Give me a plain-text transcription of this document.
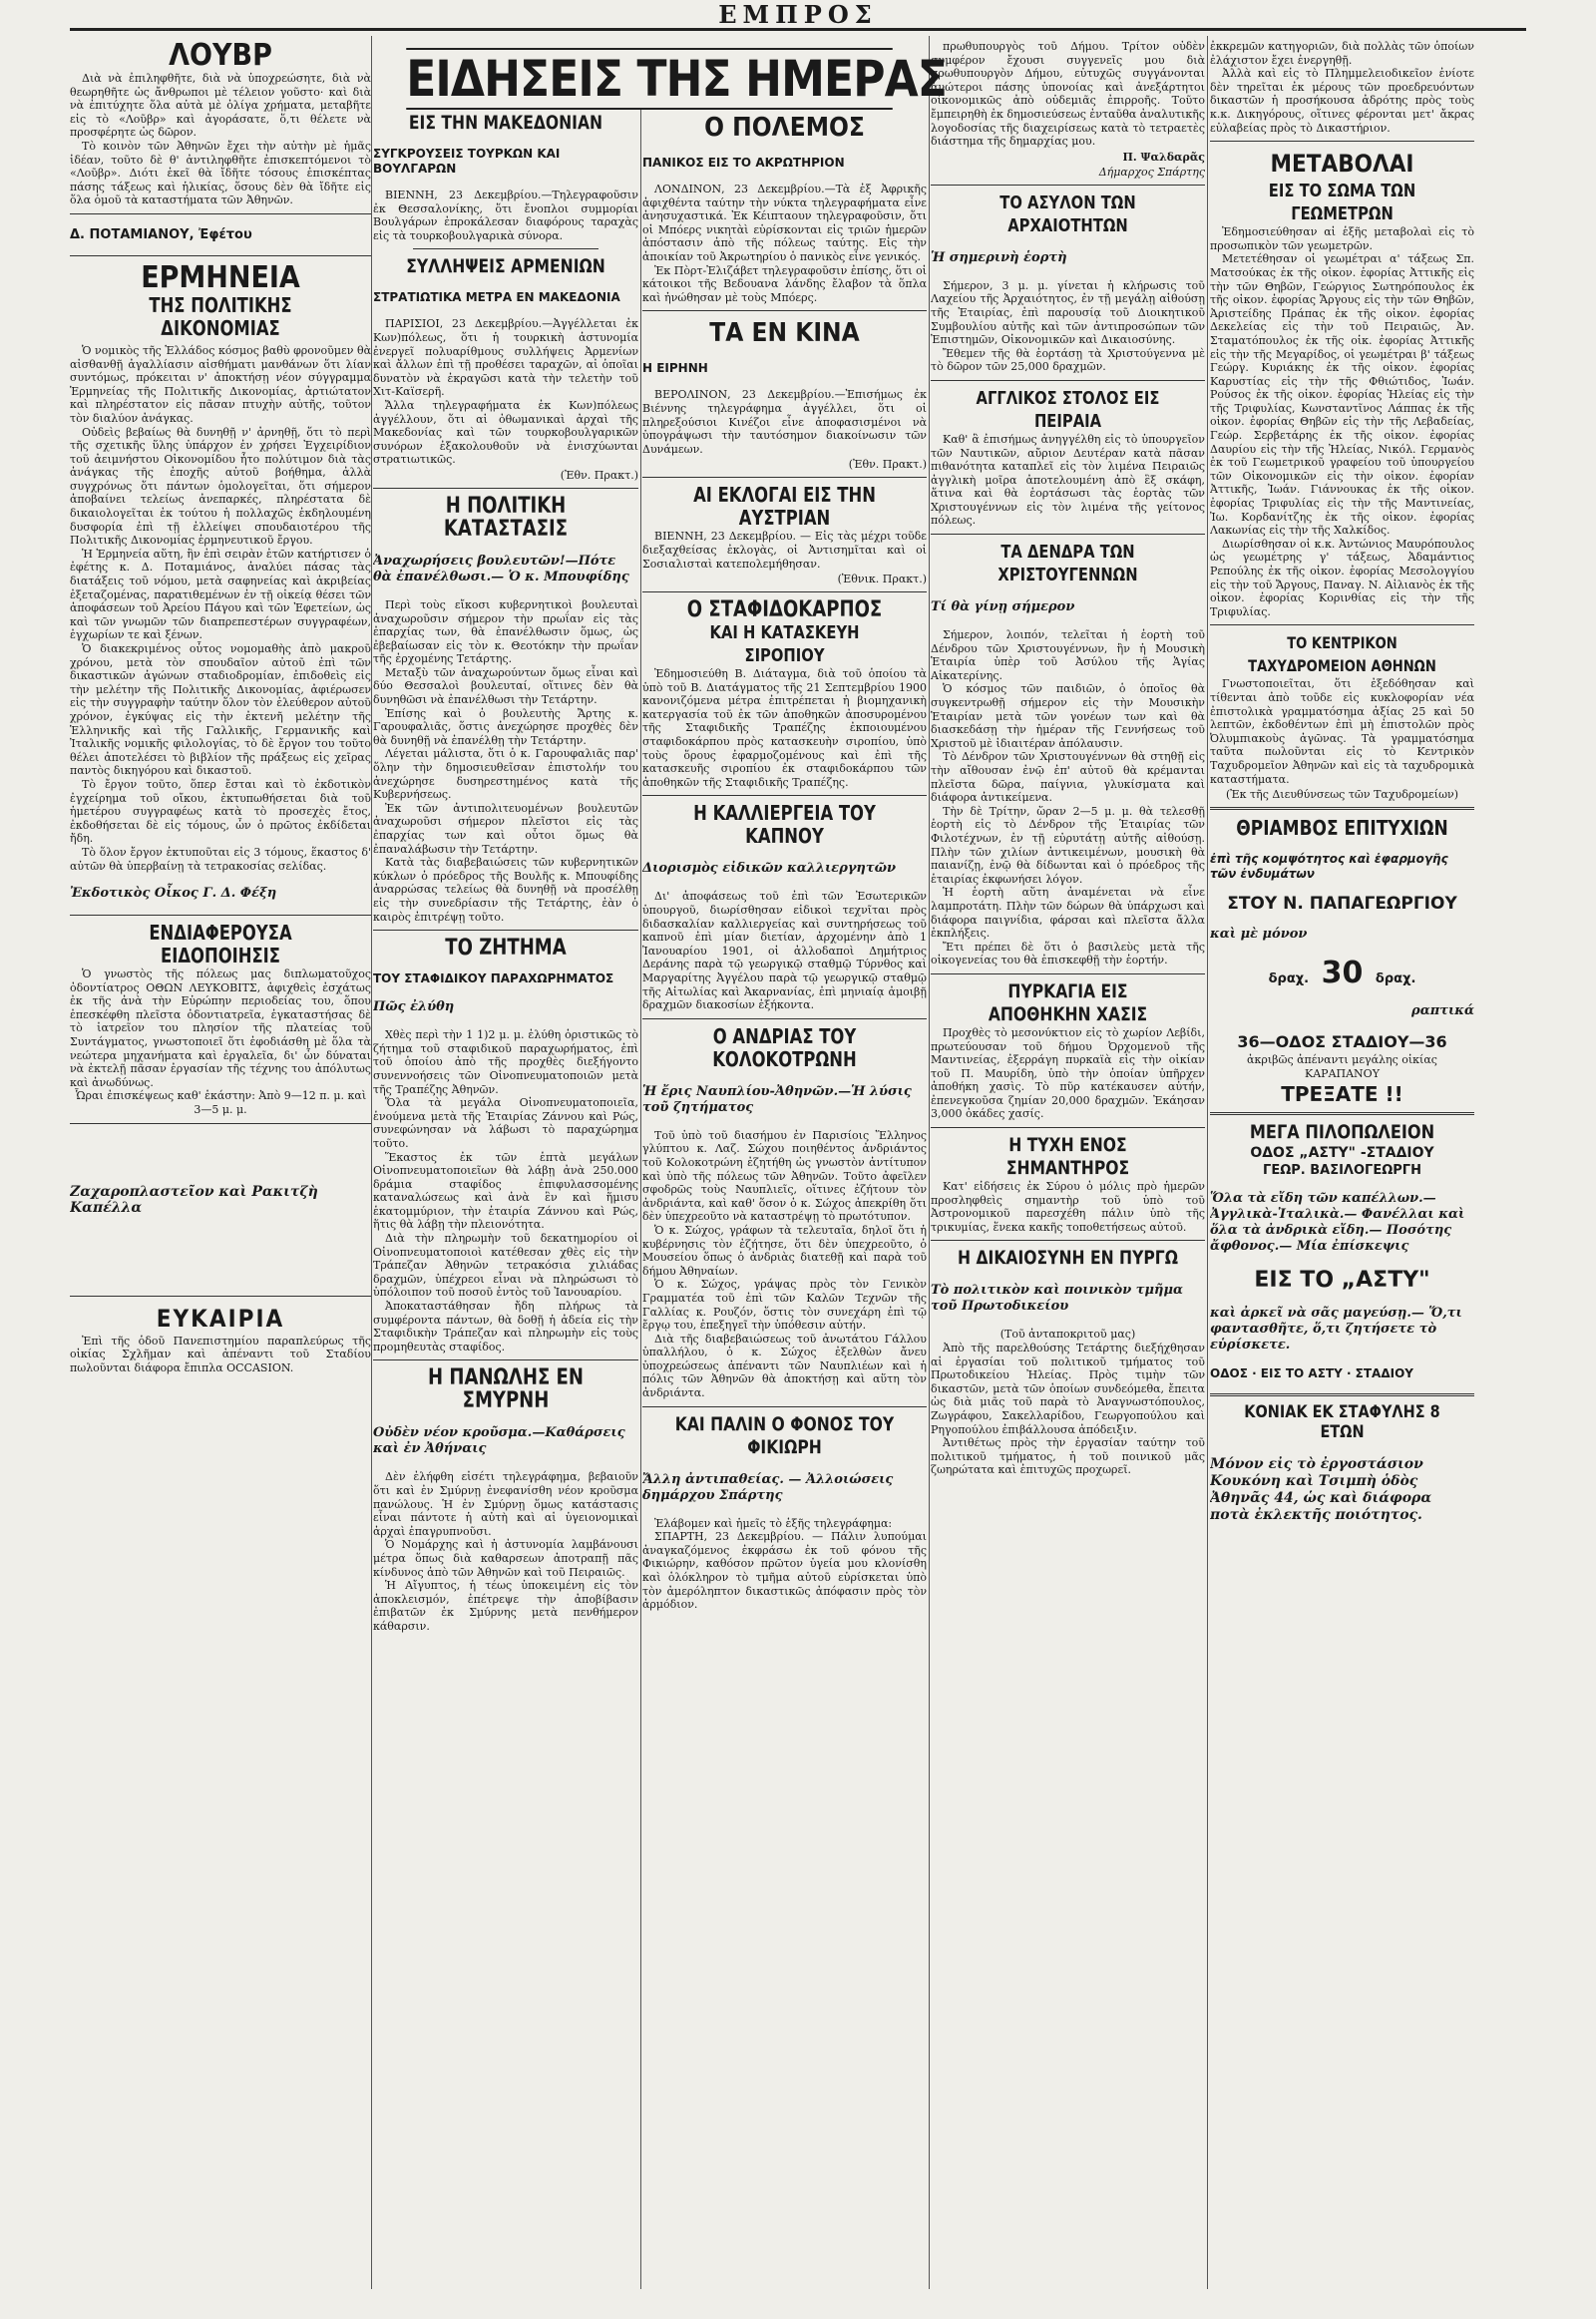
ΕΜΠΡΟΣ
ΕΙΔΗΣΕΙΣ ΤΗΣ ΗΜΕΡΑΣ
ΛΟΥΒΡ

Διὰ νὰ ἐπιληφθῆτε, διὰ νὰ ὑποχρεώσητε, διὰ νὰ θεωρηθῆτε ὡς ἄνθρωποι μὲ τέλειον γοῦστο· καὶ διὰ νὰ ἐπιτύχητε ὅλα αὐτὰ μὲ ὀλίγα χρήματα, μεταβῆτε εἰς τὸ «Λοῦβρ» καὶ ἀγοράσατε, ὅ,τι θέλετε νὰ προσφέρητε ὡς δῶρον.

Τὸ κοινὸν τῶν Ἀθηνῶν ἔχει τὴν αὐτὴν μὲ ἡμᾶς ἰδέαν, τοῦτο δὲ θ' ἀντιληφθῆτε ἐπισκεπτόμενοι τὸ «Λοῦβρ». Διότι ἐκεῖ θὰ ἴδῆτε τόσους ἐπισκέπτας πάσης τάξεως καὶ ἡλικίας, ὅσους δὲν θὰ ἴδῆτε εἰς ὅλα ὁμοῦ τὰ καταστήματα τῶν Ἀθηνῶν.

Δ. ΠΟΤΑΜΙΑΝΟΥ, Ἐφέτου

ΕΡΜΗΝΕΙΑ
ΤΗΣ ΠΟΛΙΤΙΚΗΣ ΔΙΚΟΝΟΜΙΑΣ

Ὁ νομικὸς τῆς Ἑλλάδος κόσμος βαθὺ φρονοῦμεν θὰ αἰσθανθῇ ἀγαλλίασιν αἰσθήματι μανθάνων ὅτι λίαν συντόμως, πρόκειται ν' ἀποκτήσῃ νέον σύγγραμμα Ἑρμηνείας τῆς Πολιτικῆς Δικονομίας, ἀρτιώτατον καὶ πληρέστατον εἰς πᾶσαν πτυχὴν αὐτῆς, τοῦτον τὸν διαλύον ἀνάγκας.

Οὐδεὶς βεβαίως θὰ δυνηθῇ ν' ἀρνηθῇ, ὅτι τὸ περὶ τῆς σχετικῆς ὕλης ὑπάρχον ἐν χρήσει Ἐγχειρίδιον τοῦ ἀειμνήστου Οἰκονομίδου ἦτο πολύτιμον διὰ τὰς ἀνάγκας τῆς ἐποχῆς αὐτοῦ βοήθημα, ἀλλὰ συγχρόνως ὅτι πάντων ὁμολογεῖται, ὅτι σήμερον ἀποβαίνει τελείως ἀνεπαρκές, πληρέστατα δὲ δικαιολογεῖται ἐκ τούτου ἡ πολλαχῶς ἐκδηλουμένη δυσφορία ἐπὶ τῇ ἐλλείψει σπουδαιοτέρου τῆς Πολιτικῆς Δικονομίας ἑρμηνευτικοῦ ἔργου.

Ἡ Ἑρμηνεία αὕτη, ἣν ἐπὶ σειρὰν ἐτῶν κατήρτισεν ὁ ἐφέτης κ. Δ. Ποταμιάνος, ἀναλύει πάσας τὰς διατάξεις τοῦ νόμου, μετὰ σαφηνείας καὶ ἀκριβείας ἐξεταζομένας, παρατιθεμένων ἐν τῇ οἰκείᾳ θέσει τῶν ἀποφάσεων τοῦ Ἀρείου Πάγου καὶ τῶν Ἐφετείων, ὡς καὶ τῶν γνωμῶν τῶν διαπρεπεστέρων συγγραφέων, ἐγχωρίων τε καὶ ξένων.

Ὁ διακεκριμένος οὗτος νομομαθὴς ἀπὸ μακροῦ χρόνου, μετὰ τὸν σπουδαῖον αὐτοῦ ἐπὶ τῶν δικαστικῶν ἀγώνων σταδιοδρομίαν, ἐπιδοθεὶς εἰς τὴν μελέτην τῆς Πολιτικῆς Δικονομίας, ἀφιέρωσεν εἰς τὴν συγγραφὴν ταύτην ὅλον τὸν ἐλεύθερον αὐτοῦ χρόνον, ἐγκύψας εἰς τὴν ἐκτενῆ μελέτην τῆς Ἑλληνικῆς καὶ τῆς Γαλλικῆς, Γερμανικῆς καὶ Ἰταλικῆς νομικῆς φιλολογίας, τὸ δὲ ἔργον του τοῦτο θέλει ἀποτελέσει τὸ βιβλίον τῆς πράξεως εἰς χεῖρας παντὸς δικηγόρου καὶ δικαστοῦ.

Τὸ ἔργον τοῦτο, ὅπερ ἔσται καὶ τὸ ἐκδοτικὸν ἐγχείρημα τοῦ οἴκου, ἐκτυπωθήσεται διὰ τοῦ ἡμετέρου συγγραφέως κατὰ τὸ προσεχὲς ἔτος, ἐκδοθήσεται δὲ εἰς τόμους, ὧν ὁ πρῶτος ἐκδίδεται ἤδη.

Τὸ ὅλον ἔργον ἐκτυποῦται εἰς 3 τόμους, ἕκαστος δ' αὐτῶν θὰ ὑπερβαίνῃ τὰ τετρακοσίας σελίδας.

Ἐκδοτικὸς Οἶκος Γ. Δ. Φέξη

ΕΝΔΙΑΦΕΡΟΥΣΑ ΕΙΔΟΠΟΙΗΣΙΣ

Ὁ γνωστὸς τῆς πόλεως μας διπλωματοῦχος ὀδοντίατρος ΟΘΩΝ ΛΕΥΚΟΒΙΤΣ, ἀφιχθεὶς ἐσχάτως ἐκ τῆς ἀνὰ τὴν Εὐρώπην περιοδείας του, ὅπου ἐπεσκέφθη πλεῖστα ὀδοντιατρεῖα, ἐγκαταστήσας δὲ τὸ ἰατρεῖον του πλησίον τῆς πλατείας τοῦ Συντάγματος, γνωστοποιεῖ ὅτι ἐφοδιάσθη μὲ ὅλα τὰ νεώτερα μηχανήματα καὶ ἐργαλεῖα, δι' ὧν δύναται νὰ ἐκτελῇ πᾶσαν ἐργασίαν τῆς τέχνης του ἀπόλυτως καὶ ἀνωδύνως.

Ὧραι ἐπισκέψεως καθ' ἑκάστην: Ἀπὸ 9—12 π. μ. καὶ 3—5 μ. μ.

Ζαχαροπλαστεῖον καὶ Ρακιτζὴ Καπέλλα

ΕΥΚΑΙΡΙΑ

Ἐπὶ τῆς ὁδοῦ Πανεπιστημίου παραπλεύρως τῆς οἰκίας Σχλῆμαν καὶ ἀπέναντι τοῦ Σταδίου πωλοῦνται διάφορα ἔπιπλα OCCASION.

ΕΙΣ ΤΗΝ ΜΑΚΕΔΟΝΙΑΝ

ΣΥΓΚΡΟΥΣΕΙΣ ΤΟΥΡΚΩΝ ΚΑΙ ΒΟΥΛΓΑΡΩΝ

ΒΙΕΝΝΗ, 23 Δεκεμβρίου.—Τηλεγραφοῦσιν ἐκ Θεσσαλονίκης, ὅτι ἔνοπλοι συμμορίαι Βουλγάρων ἐπροκάλεσαν διαφόρους ταραχὰς εἰς τὰ τουρκοβουλγαρικὰ σύνορα.

ΣΥΛΛΗΨΕΙΣ ΑΡΜΕΝΙΩΝ

ΣΤΡΑΤΙΩΤΙΚΑ ΜΕΤΡΑ ΕΝ ΜΑΚΕΔΟΝΙΑ

ΠΑΡΙΣΙΟΙ, 23 Δεκεμβρίου.—Ἀγγέλλεται ἐκ Κων)πόλεως, ὅτι ἡ τουρκικὴ ἀστυνομία ἐνεργεῖ πολυαρίθμους συλλήψεις Ἀρμενίων καὶ ἄλλων ἐπὶ τῇ προθέσει ταραχῶν, αἱ ὁποῖαι δυνατὸν νὰ ἐκραγῶσι κατὰ τὴν τελετὴν τοῦ Χιτ-Καϊσερῆ.

Ἄλλα τηλεγραφήματα ἐκ Κων)πόλεως ἀγγέλλουν, ὅτι αἱ ὀθωμανικαὶ ἀρχαὶ τῆς Μακεδονίας καὶ τῶν τουρκοβουλγαρικῶν συνόρων ἐξακολουθοῦν νὰ ἐνισχύωνται στρατιωτικῶς.

(Ἐθν. Πρακτ.)

Η ΠΟΛΙΤΙΚΗ ΚΑΤΑΣΤΑΣΙΣ

Ἀναχωρήσεις βουλευτῶν!—Πότε θὰ ἐπανέλθωσι.— Ὁ κ. Μπουφίδης

Περὶ τοὺς εἴκοσι κυβερνητικοὶ βουλευταὶ ἀναχωροῦσιν σήμερον τὴν πρωΐαν εἰς τὰς ἐπαρχίας των, θὰ ἐπανέλθωσιν ὅμως, ὡς ἐβεβαίωσαν εἰς τὸν κ. Θεοτόκην τὴν πρωΐαν τῆς ἐρχομένης Τετάρτης.

Μεταξὺ τῶν ἀναχωρούντων ὅμως εἶναι καὶ δύο Θεσσαλοὶ βουλευταί, οἵτινες δὲν θὰ δυνηθῶσι νὰ ἐπανέλθωσι τὴν Τετάρτην.

Ἐπίσης καὶ ὁ βουλευτὴς Ἄρτης κ. Γαρουφαλιᾶς, ὅστις ἀνεχώρησε προχθὲς δὲν θὰ δυνηθῇ νὰ ἐπανέλθῃ τὴν Τετάρτην.

Λέγεται μάλιστα, ὅτι ὁ κ. Γαρουφαλιᾶς παρ' ὅλην τὴν δημοσιευθεῖσαν ἐπιστολήν του ἀνεχώρησε δυσηρεστημένος κατὰ τῆς Κυβερνήσεως.

Ἐκ τῶν ἀντιπολιτευομένων βουλευτῶν ἀναχωροῦσι σήμερον πλεῖστοι εἰς τὰς ἐπαρχίας των καὶ οὗτοι ὅμως θὰ ἐπαναλάβωσιν τὴν Τετάρτην.

Κατὰ τὰς διαβεβαιώσεις τῶν κυβερνητικῶν κύκλων ὁ πρόεδρος τῆς Βουλῆς κ. Μπουφίδης ἀναρρώσας τελείως θὰ δυνηθῇ νὰ προσέλθῃ εἰς τὴν συνεδρίασιν τῆς Τετάρτης, ἐὰν ὁ καιρὸς ἐπιτρέψῃ τοῦτο.

ΤΟ ΖΗΤΗΜΑ

ΤΟΥ ΣΤΑΦΙΔΙΚΟΥ ΠΑΡΑΧΩΡΗΜΑΤΟΣ

Πῶς ἐλύθη

Χθὲς περὶ τὴν 1 1)2 μ. μ. ἐλύθη ὁριστικῶς τὸ ζήτημα τοῦ σταφιδικοῦ παραχωρήματος, ἐπὶ τοῦ ὁποίου ἀπὸ τῆς προχθὲς διεξήγοντο συνεννοήσεις τῶν Οἰνοπνευματοποιῶν μετὰ τῆς Τραπέζης Ἀθηνῶν.

Ὅλα τὰ μεγάλα Οἰνοπνευματοποιεῖα, ἑνούμενα μετὰ τῆς Ἑταιρίας Ζάννου καὶ Ρώς, συνεφώνησαν νὰ λάβωσι τὸ παραχώρημα τοῦτο.

Ἕκαστος ἐκ τῶν ἑπτὰ μεγάλων Οἰνοπνευματοποιεῖων θὰ λάβῃ ἀνὰ 250.000 δράμια σταφίδος ἐπιφυλασσομένης καταναλώσεως καὶ ἀνὰ ἓν καὶ ἥμισυ ἑκατομμύριον, τὴν ἑταιρία Ζάννου καὶ Ρώς, ἥτις θὰ λάβῃ τὴν πλειονότητα.

Διὰ τὴν πληρωμὴν τοῦ δεκατημορίου οἱ Οἰνοπνευματοποιοὶ κατέθεσαν χθὲς εἰς τὴν Τράπεζαν Ἀθηνῶν τετρακόσια χιλιάδας δραχμῶν, ὑπέχρεοι εἶναι νὰ πληρώσωσι τὸ ὑπόλοιπον τοῦ ποσοῦ ἐντὸς τοῦ Ἰανουαρίου.

Ἀποκαταστάθησαν ἤδη πλήρως τὰ συμφέροντα πάντων, θὰ δοθῇ ἡ ἀδεία εἰς τὴν Σταφιδικὴν Τράπεζαν καὶ πληρωμὴν εἰς τοὺς προμηθευτὰς σταφίδος.

Η ΠΑΝΩΛΗΣ ΕΝ ΣΜΥΡΝΗ

Οὐδὲν νέον κροῦσμα.—Καθάρσεις καὶ ἐν Ἀθήναις

Δὲν ἐλήφθη εἰσέτι τηλεγράφημα, βεβαιοῦν ὅτι καὶ ἐν Σμύρνῃ ἐνεφανίσθη νέον κροῦσμα πανώλους. Ἡ ἐν Σμύρνῃ ὅμως κατάστασις εἶναι πάντοτε ἡ αὐτὴ καὶ αἱ ὑγειονομικαὶ ἀρχαὶ ἐπαγρυπνοῦσι.

Ὁ Νομάρχης καὶ ἡ ἀστυνομία λαμβάνουσι μέτρα ὅπως διὰ καθαρσεων ἀποτραπῇ πᾶς κίνδυνος ἀπὸ τῶν Ἀθηνῶν καὶ τοῦ Πειραιῶς.

Ἡ Αἴγυπτος, ἡ τέως ὑποκειμένη εἰς τὸν ἀποκλεισμόν, ἐπέτρεψε τὴν ἀποβίβασιν ἐπιβατῶν ἐκ Σμύρνης μετὰ πενθήμερον κάθαρσιν.

Ο ΠΟΛΕΜΟΣ

ΠΑΝΙΚΟΣ ΕΙΣ ΤΟ ΑΚΡΩΤΗΡΙΟΝ

ΛΟΝΔΙΝΟΝ, 23 Δεκεμβρίου.—Τὰ ἐξ Ἀφρικῆς ἀφιχθέντα ταύτην τὴν νύκτα τηλεγραφήματα εἶνε ἀνησυχαστικά. Ἐκ Κέιπταουν τηλεγραφοῦσιν, ὅτι οἱ Μπόερς νικητὰὶ εὑρίσκονται εἰς τριῶν ἡμερῶν ἀπόστασιν ἀπὸ τῆς πόλεως ταύτης. Εἰς τὴν ἀποικίαν τοῦ Ἀκρωτηρίου ὁ πανικὸς εἶνε γενικός.

Ἐκ Πὸρτ-Ἐλιζάβετ τηλεγραφοῦσιν ἐπίσης, ὅτι οἱ κάτοικοι τῆς Βεδουανα λάνδης ἔλαβον τὰ ὅπλα καὶ ἠνώθησαν μὲ τοὺς Μπόερς.

ΤΑ ΕΝ ΚΙΝΑ

Η ΕΙΡΗΝΗ

ΒΕΡΟΛΙΝΟΝ, 23 Δεκεμβρίου.—Ἐπισήμως ἐκ Βιέννης τηλεγράφημα ἀγγέλλει, ὅτι οἱ πληρεξούσιοι Κινέζοι εἶνε ἀποφασισμένοι νὰ ὑπογράψωσι τὴν ταυτόσημον διακοίνωσιν τῶν Δυνάμεων.

(Ἐθν. Πρακτ.)

ΑΙ ΕΚΛΟΓΑΙ ΕΙΣ ΤΗΝ ΑΥΣΤΡΙΑΝ

ΒΙΕΝΝΗ, 23 Δεκεμβρίου. — Εἰς τὰς μέχρι τοῦδε διεξαχθείσας ἐκλογὰς, οἱ Ἀντισημῖται καὶ οἱ Σοσιαλισταὶ κατεπολεμήθησαν.

(Ἐθνικ. Πρακτ.)

Ο ΣΤΑΦΙΔΟΚΑΡΠΟΣ
ΚΑΙ Η ΚΑΤΑΣΚΕΥΗ ΣΙΡΟΠΙΟΥ

Ἐδημοσιεύθη Β. Διάταγμα, διὰ τοῦ ὁποίου τὰ ὑπὸ τοῦ Β. Διατάγματος τῆς 21 Σεπτεμβρίου 1900 κανονιζόμενα μέτρα ἐπιτρέπεται ἡ βιομηχανικὴ κατεργασία τοῦ ἐκ τῶν ἀποθηκῶν ἀποσυρομένου τῆς Σταφιδικῆς Τραπέζης ἐκποιουμένου σταφιδοκάρπου πρὸς κατασκευὴν σιροπίου, ὑπὸ τοὺς ὅρους ἐφαρμοζομένους καὶ ἐπὶ τῆς κατασκευῆς σιροπίου ἐκ σταφιδοκάρπου τῶν ἀποθηκῶν τῆς Σταφιδικῆς Τραπέζης.

Η ΚΑΛΛΙΕΡΓΕΙΑ ΤΟΥ ΚΑΠΝΟΥ

Διορισμὸς εἰδικῶν καλλιεργητῶν

Δι' ἀποφάσεως τοῦ ἐπὶ τῶν Ἐσωτερικῶν ὑπουργοῦ, διωρίσθησαν εἰδικοὶ τεχνῖται πρὸς διδασκαλίαν καλλιεργείας καὶ συντηρήσεως τοῦ καπνοῦ ἐπὶ μίαν διετίαν, ἀρχομένην ἀπὸ 1 Ἰανουαρίου 1901, οἱ ἀλλοδαποὶ Δημήτριος Δεράνης παρὰ τῷ γεωργικῷ σταθμῷ Τύρνθος καὶ Μαργαρίτης Ἀγγέλου παρὰ τῷ γεωργικῷ σταθμῷ τῆς Αἰτωλίας καὶ Ἀκαρνανίας, ἐπὶ μηνιαίᾳ ἀμοιβῇ δραχμῶν διακοσίων ἑξήκοντα.

Ο ΑΝΔΡΙΑΣ ΤΟΥ ΚΟΛΟΚΟΤΡΩΝΗ

Ἡ ἔρις Ναυπλίου-Ἀθηνῶν.—Ἡ λύσις τοῦ ζητήματος

Τοῦ ὑπὸ τοῦ διασήμου ἐν Παρισίοις Ἕλληνος γλύπτου κ. Λαζ. Σώχου ποιηθέντος ἀνδριάντος τοῦ Κολοκοτρώνη ἐζητήθη ὡς γνωστὸν ἀντίτυπον καὶ ὑπὸ τῆς πόλεως τῶν Ἀθηνῶν. Τοῦτο ἀφεῖλεν σφοδρῶς τοὺς Ναυπλιεῖς, οἵτινες ἐζήτουν τὸν ἀνδριάντα, καὶ καθ' ὅσον ὁ κ. Σώχος ἀπεκρίθη ὅτι δὲν ὑπεχρεοῦτο νὰ καταστρέψῃ τὸ πρωτότυπον.

Ὁ κ. Σώχος, γράφων τὰ τελευταῖα, δηλοῖ ὅτι ἡ κυβέρνησις τὸν ἐζήτησε, ὅτι δὲν ὑπεχρεοῦτο, ὁ Μουσείου ὅπως ὁ ἀνδριὰς διατεθῇ καὶ παρὰ τοῦ δήμου Ἀθηναίων.

Ὁ κ. Σώχος, γράψας πρὸς τὸν Γενικὸν Γραμματέα τοῦ ἐπὶ τῶν Καλῶν Τεχνῶν τῆς Γαλλίας κ. Ρουζόν, ὅστις τὸν συνεχάρη ἐπὶ τῷ ἔργῳ του, ἐπεξηγεῖ τὴν ὑπόθεσιν αὐτήν.

Διὰ τῆς διαβεβαιώσεως τοῦ ἀνωτάτου Γάλλου ὑπαλλήλου, ὁ κ. Σώχος ἐξελθὼν ἄνευ ὑποχρεώσεως ἀπέναντι τῶν Ναυπλιέων καὶ ἡ πόλις τῶν Ἀθηνῶν θὰ ἀποκτήσῃ καὶ αὕτη τὸν ἀνδριάντα.

ΚΑΙ ΠΑΛΙΝ Ο ΦΟΝΟΣ ΤΟΥ ΦΙΚΙΩΡΗ

Ἄλλη ἀντιπαθείας. — Ἀλλοιώσεις δημάρχου Σπάρτης

Ἐλάβομεν καὶ ἡμεῖς τὸ ἑξῆς τηλεγράφημα:

ΣΠΑΡΤΗ, 23 Δεκεμβρίου. — Πάλιν λυπούμαι ἀναγκαζόμενος ἐκφράσω ἐκ τοῦ φόνου τῆς Φικιώρην, καθόσον πρῶτον ὑγεία μου κλονίσθη καὶ ὁλόκληρον τὸ τμῆμα αὐτοῦ εὑρίσκεται ὑπὸ τὸν ἀμερόληπτον δικαστικῶς ἀπόφασιν πρὸς τὸν ἀρμόδιον.

πρωθυπουργὸς τοῦ Δήμου. Τρίτον οὐδὲν συμφέρον ἔχουσι συγγενεῖς μου διὰ πρωθυπουργὸν Δήμου, εὐτυχῶς συγγάνονται ἀνώτεροι πάσης ὑπονοίας καὶ ἀνεξάρτητοι οἰκονομικῶς ἀπὸ οὐδεμιᾶς ἐπιρροῆς. Τοῦτο ἔμπειρηθὴ ἐκ δημοσιεύσεως ἐνταῦθα ἀναλυτικῆς λογοδοσίας τῆς διαχειρίσεως κατὰ τὸ τετραετὲς διάστημα τῆς δημαρχίας μου.

Π. Ψαλδαρᾶς

Δήμαρχος Σπάρτης

ΤΟ ΑΣΥΛΟΝ ΤΩΝ ΑΡΧΑΙΟΤΗΤΩΝ

Ἡ σημερινὴ ἑορτὴ

Σήμερον, 3 μ. μ. γίνεται ἡ κλήρωσις τοῦ Λαχείου τῆς Ἀρχαιότητος, ἐν τῇ μεγάλῃ αἰθούσῃ τῆς Ἑταιρίας, ἐπὶ παρουσίᾳ τοῦ Διοικητικοῦ Συμβουλίου αὐτῆς καὶ τῶν ἀντιπροσώπων τῶν Ἐπιστημῶν, Οἰκονομικῶν καὶ Δικαιοσύνης.

Ἔθεμεν τῆς θὰ ἑορτάσῃ τὰ Χριστούγεννα μὲ τὸ δῶρον τῶν 25,000 δραχμῶν.

ΑΓΓΛΙΚΟΣ ΣΤΟΛΟΣ ΕΙΣ ΠΕΙΡΑΙΑ

Καθ' ἃ ἐπισήμως ἀνηγγέλθη εἰς τὸ ὑπουργεῖον τῶν Ναυτικῶν, αὔριον Δευτέραν κατὰ πᾶσαν πιθανότητα καταπλεῖ εἰς τὸν λιμένα Πειραιῶς ἀγγλικὴ μοῖρα ἀποτελουμένη ἀπὸ ἓξ σκάφη, ἅτινα καὶ θὰ ἑορτάσωσι τὰς ἑορτὰς τῶν Χριστουγέννων εἰς τὸν λιμένα τῆς γείτονος πόλεως.

ΤΑ ΔΕΝΔΡΑ ΤΩΝ ΧΡΙΣΤΟΥΓΕΝΝΩΝ

Τί θὰ γίνῃ σήμερον

Σήμερον, λοιπόν, τελεῖται ἡ ἑορτὴ τοῦ Δένδρου τῶν Χριστουγέννων, ἣν ἡ Μουσικὴ Ἑταιρία ὑπὲρ τοῦ Ἀσύλου τῆς Ἁγίας Αἰκατερίνης.

Ὁ κόσμος τῶν παιδιῶν, ὁ ὁποῖος θὰ συγκεντρωθῇ σήμερον εἰς τὴν Μουσικὴν Ἑταιρίαν μετὰ τῶν γονέων των καὶ θὰ διασκεδάσῃ τὴν ἡμέραν τῆς Γεννήσεως τοῦ Χριστοῦ μὲ ἰδιαιτέραν ἀπόλαυσιν.

Τὸ Δένδρον τῶν Χριστουγέννων θὰ στηθῇ εἰς τὴν αἴθουσαν ἐνῷ ἐπ' αὐτοῦ θὰ κρέμανται πλεῖστα δῶρα, παίγνια, γλυκίσματα καὶ διάφορα ἀντικείμενα.

Τὴν δὲ Τρίτην, ὥραν 2—5 μ. μ. θὰ τελεσθῇ ἑορτὴ εἰς τὸ Δένδρον τῆς Ἑταιρίας τῶν Φιλοτέχνων, ἐν τῇ εὐρυτάτῃ αὐτῆς αἰθούσῃ. Πλὴν τῶν χιλίων ἀντικειμένων, μουσικὴ θὰ παιανίζῃ, ἐνῷ θὰ δίδωνται καὶ ὁ πρόεδρος τῆς ἑταιρίας ἐκφωνήσει λόγον.

Ἡ ἑορτὴ αὕτη ἀναμένεται νὰ εἶνε λαμπροτάτη. Πλὴν τῶν δώρων θὰ ὑπάρχωσι καὶ διάφορα παιγνίδια, φάρσαι καὶ πλεῖστα ἄλλα ἐκπλήξεις.

Ἔτι πρέπει δὲ ὅτι ὁ βασιλεὺς μετὰ τῆς οἰκογενείας του θὰ ἐπισκεφθῇ τὴν ἑορτήν.

ΠΥΡΚΑΓΙΑ ΕΙΣ ΑΠΟΘΗΚΗΝ ΧΑΣΙΣ

Προχθὲς τὸ μεσονύκτιον εἰς τὸ χωρίον Λεβίδι, πρωτεύουσαν τοῦ δήμου Ὀρχομενοῦ τῆς Μαντινείας, ἐξερράγη πυρκαϊὰ εἰς τὴν οἰκίαν τοῦ Π. Μαυρίδη, ὑπὸ τὴν ὁποίαν ὑπῆρχεν ἀποθήκη χασὶς. Τὸ πῦρ κατέκαυσεν αὐτήν, ἐπενεγκοῦσα ζημίαν 20,000 δραχμῶν. Ἐκάησαν 3,000 ὀκάδες χασίς.

Η ΤΥΧΗ ΕΝΟΣ ΣΗΜΑΝΤΗΡΟΣ

Κατ' εἰδήσεις ἐκ Σύρου ὁ μόλις πρὸ ἡμερῶν προσληφθεὶς σημαντὴρ τοῦ ὑπὸ τοῦ Ἀστρονομικοῦ παρεσχέθη πάλιν ὑπὸ τῆς τρικυμίας, ἕνεκα κακῆς τοποθετήσεως αὐτοῦ.

Η ΔΙΚΑΙΟΣΥΝΗ ΕΝ ΠΥΡΓΩ

Τὸ πολιτικὸν καὶ ποινικὸν τμῆμα τοῦ Πρωτοδικείου

(Τοῦ ἀνταποκριτοῦ μας)

Ἀπὸ τῆς παρελθούσης Τετάρτης διεξήχθησαν αἱ ἐργασίαι τοῦ πολιτικοῦ τμήματος τοῦ Πρωτοδικείου Ἠλείας. Πρὸς τιμὴν τῶν δικαστῶν, μετὰ τῶν ὁποίων συνδεόμεθα, ἔπειτα ὡς διὰ μιᾶς τοῦ παρὰ τὸ Ἀναγνωστόπουλος, Ζωγράφου, Σακελλαρίδου, Γεωργοπούλου καὶ Ρηγοπούλου ἐπιβάλλουσα ἀπόδειξιν.

Ἀντιθέτως πρὸς τὴν ἐργασίαν ταύτην τοῦ πολιτικοῦ τμήματος, ἡ τοῦ ποινικοῦ μᾶς ζωηρώτατα καὶ ἐπιτυχῶς προχωρεῖ.

ἐκκρεμῶν κατηγοριῶν, διὰ πολλὰς τῶν ὁποίων ἐλάχιστον ἔχει ἐνεργηθῇ.

Ἀλλὰ καὶ εἰς τὸ Πλημμελειοδικεῖον ἐνίοτε δὲν τηρεῖται ἐκ μέρους τῶν προεδρευόντων δικαστῶν ἡ προσήκουσα ἀδρότης πρὸς τοὺς κ.κ. Δικηγόρους, οἵτινες φέρονται μετ' ἄκρας εὐλαβείας πρὸς τὸ Δικαστήριον.

ΜΕΤΑΒΟΛΑΙ
ΕΙΣ ΤΟ ΣΩΜΑ ΤΩΝ ΓΕΩΜΕΤΡΩΝ

Ἐδημοσιεύθησαν αἱ ἑξῆς μεταβολαὶ εἰς τὸ προσωπικὸν τῶν γεωμετρῶν.

Μετετέθησαν οἱ γεωμέτραι α' τάξεως Σπ. Ματσούκας ἐκ τῆς οἰκον. ἐφορίας Ἀττικῆς εἰς τὴν τῶν Θηβῶν, Γεώργιος Σωτηρόπουλος ἐκ τῆς οἰκον. ἐφορίας Ἄργους εἰς τὴν τῶν Θηβῶν, Ἀριστείδης Πράπας ἐκ τῆς οἰκον. ἐφορίας Δεκελείας εἰς τὴν τοῦ Πειραιῶς, Ἀν. Σταματόπουλος ἐκ τῆς οἰκ. ἐφορίας Ἀττικῆς εἰς τὴν τῆς Μεγαρίδος, οἱ γεωμέτραι β' τάξεως Γεώργ. Κυριάκης ἐκ τῆς οἰκον. ἐφορίας Καρυστίας εἰς τὴν τῆς Φθιώτιδος, Ἰωάν. Ρούσος ἐκ τῆς οἰκον. ἐφορίας Ἠλείας εἰς τὴν τῆς Τριφυλίας, Κωνσταντῖνος Λάππας ἐκ τῆς οἰκον. ἐφορίας Θηβῶν εἰς τὴν τῆς Λεβαδείας, Γεώρ. Σερβετάρης ἐκ τῆς οἰκον. ἐφορίας Δαυρίου εἰς τὴν τῆς Ἠλείας, Νικόλ. Γερμανὸς ἐκ τοῦ Γεωμετρικοῦ γραφείου τοῦ ὑπουργείου τῶν Οἰκονομικῶν εἰς τὴν οἰκον. ἐφορίαν Ἀττικῆς, Ἰωάν. Γιάννουκας ἐκ τῆς οἰκον. ἐφορίας Τριφυλίας εἰς τὴν τῆς Μαντινείας, Ἰω. Κορδανίτζης ἐκ τῆς οἰκον. ἐφορίας Λακωνίας εἰς τὴν τῆς Χαλκίδος.

Διωρίσθησαν οἱ κ.κ. Ἀντώνιος Μαυρόπουλος ὡς γεωμέτρης γ' τάξεως, Ἀδαμάντιος Ρεπούλης ἐκ τῆς οἰκον. ἐφορίας Μεσολογγίου εἰς τὴν τοῦ Ἄργους, Παναγ. Ν. Αἰλιανὸς ἐκ τῆς οἰκον. ἐφορίας Κορινθίας εἰς τὴν τῆς Τριφυλίας.

ΤΟ ΚΕΝΤΡΙΚΟΝ ΤΑΧΥΔΡΟΜΕΙΟΝ ΑΘΗΝΩΝ

Γνωστοποιεῖται, ὅτι ἐξεδόθησαν καὶ τίθενται ἀπὸ τοῦδε εἰς κυκλοφορίαν νέα ἐπιστολικὰ γραμματόσημα ἀξίας 25 καὶ 50 λεπτῶν, ἐκδοθέντων ἐπὶ μὴ ἐπιστολῶν πρὸς Ὀλυμπιακοὺς ἀγῶνας. Τὰ γραμματόσημα ταῦτα πωλοῦνται εἰς τὸ Κεντρικὸν Ταχυδρομεῖον Ἀθηνῶν καὶ εἰς τὰ ταχυδρομικὰ καταστήματα.

(Ἐκ τῆς Διευθύνσεως τῶν Ταχυδρομείων)

ΘΡΙΑΜΒΟΣ ΕΠΙΤΥΧΙΩΝ

ἐπὶ τῆς κομψότητος καὶ ἐφαρμογῆς τῶν ἐνδυμάτων

ΣΤΟΥ Ν. ΠΑΠΑΓΕΩΡΓΙΟΥ

καὶ μὲ μόνον

δραχ. 30 δραχ.

ραπτικά

36—ΟΔΟΣ ΣΤΑΔΙΟΥ—36

ἀκριβῶς ἀπέναντι μεγάλης οἰκίας ΚΑΡΑΠΑΝΟΥ

ΤΡΕΞΑΤΕ !!

ΜΕΓΑ ΠΙΛΟΠΩΛΕΙΟΝ

ΟΔΟΣ „ΑΣΤΥ" -ΣΤΑΔΙΟΥ

ΓΕΩΡ. ΒΑΣΙΛΟΓΕΩΡΓΗ

Ὅλα τὰ εἴδη τῶν καπέλλων.— Ἀγγλικὰ-Ἰταλικὰ.— Φανέλλαι καὶ ὅλα τὰ ἀνδρικὰ εἴδη.— Ποσότης ἄφθονος.— Μία ἐπίσκεψις

ΕΙΣ ΤΟ „ΑΣΤΥ"

καὶ ἀρκεῖ νὰ σᾶς μαγεύσῃ.— Ὅ,τι φαντασθῆτε, ὅ,τι ζητήσετε τὸ εὑρίσκετε.

ΟΔΟΣ · ΕΙΣ ΤΟ ΑΣΤΥ · ΣΤΑΔΙΟΥ

ΚΟΝΙΑΚ ΕΚ ΣΤΑΦΥΛΗΣ 8 ΕΤΩΝ

Μόνον εἰς τὸ ἐργοστάσιον Κουκόνη καὶ Τσιμπὴ ὁδὸς Ἀθηνᾶς 44, ὡς καὶ διάφορα ποτὰ ἐκλεκτῆς ποιότητος.
